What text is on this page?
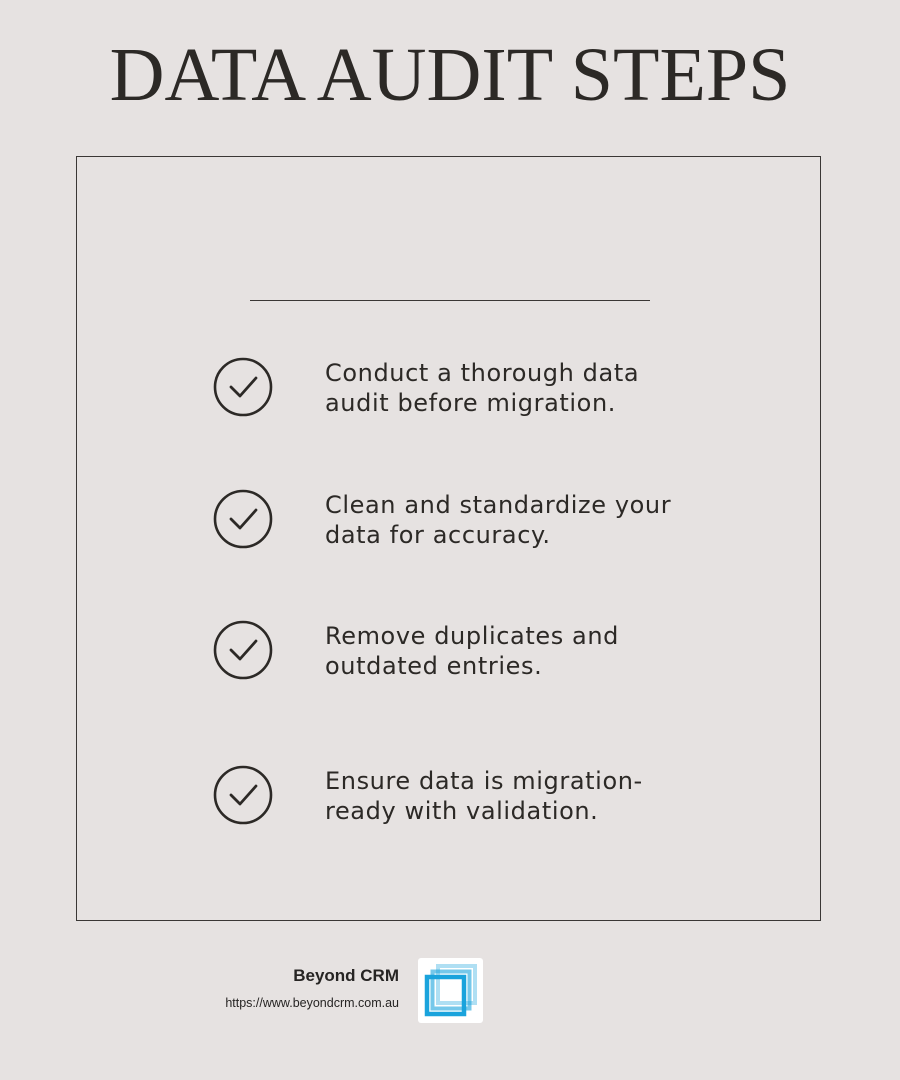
DATA AUDIT STEPS
Conduct a thorough data
audit before migration.
Clean and standardize your
data for accuracy.
Remove duplicates and
outdated entries.
Ensure data is migration-
ready with validation.
Beyond CRM
https://www.beyondcrm.com.au
